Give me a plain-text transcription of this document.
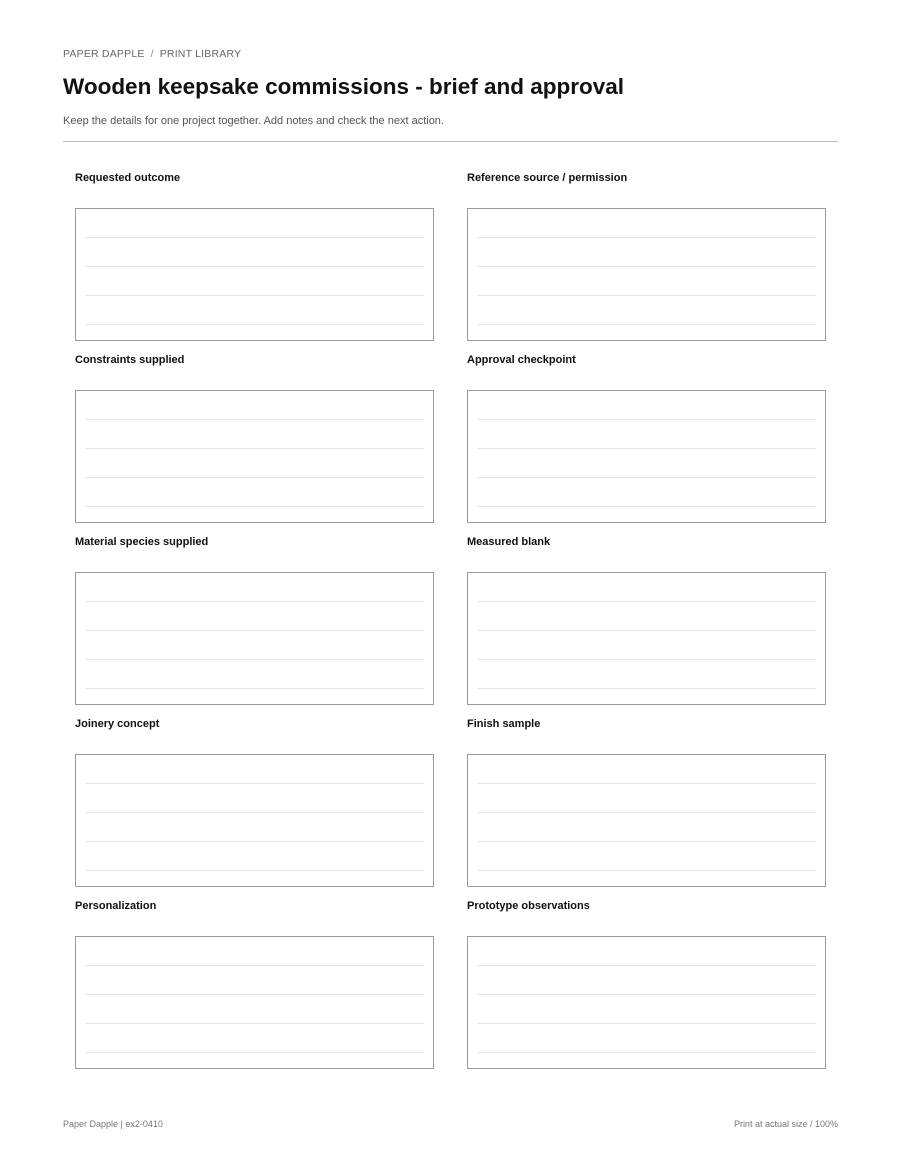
PAPER DAPPLE / PRINT LIBRARY
Wooden keepsake commissions - brief and approval
Keep the details for one project together. Add notes and check the next action.
Requested outcome	Reference source / permission
Constraints supplied	Approval checkpoint
Material species supplied	Measured blank
Joinery concept	Finish sample
Personalization	Prototype observations
Paper Dapple | ex2-0410	Print at actual size / 100%
